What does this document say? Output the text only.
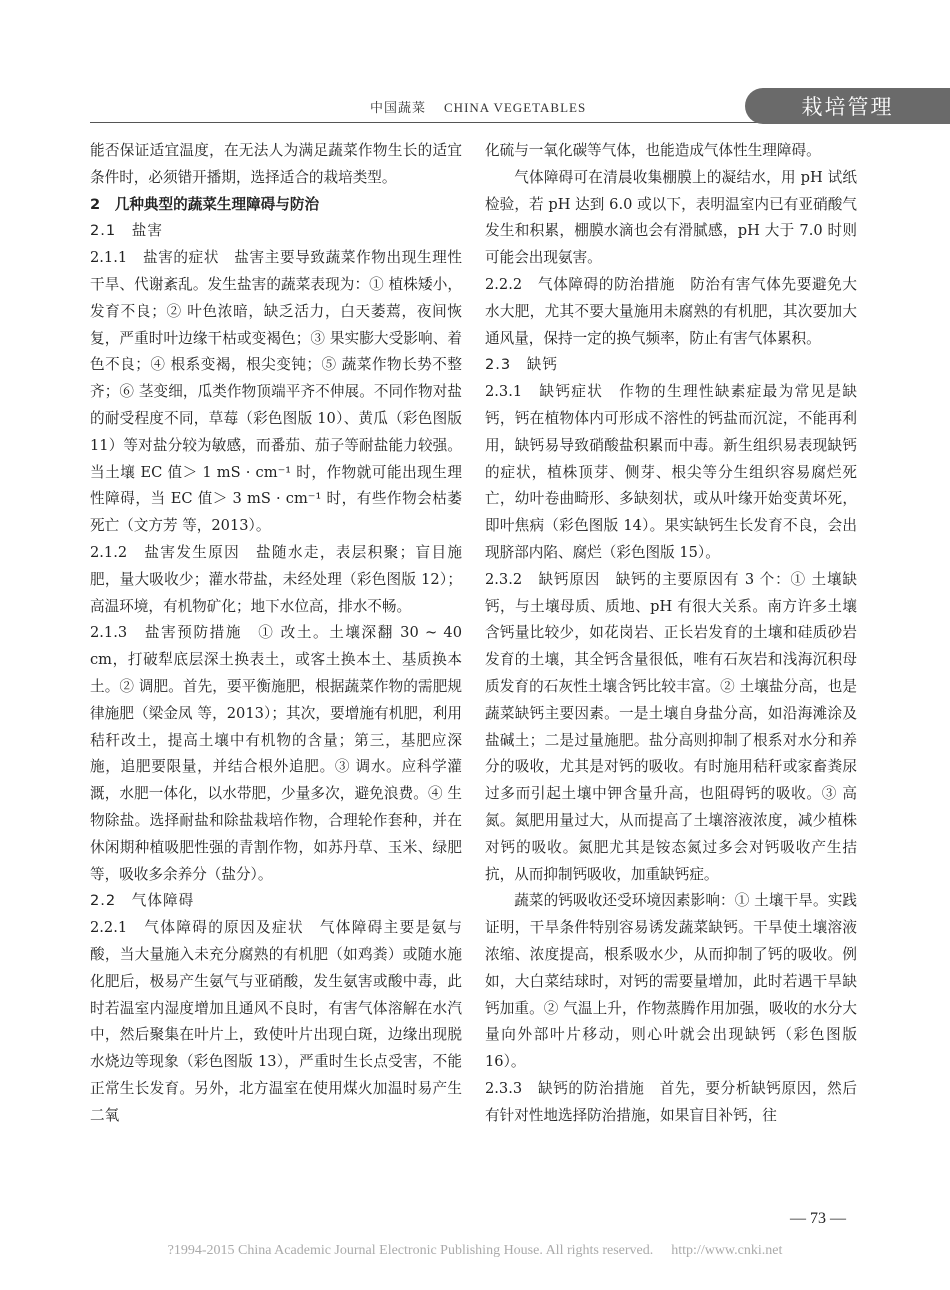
中国蔬菜 CHINA VEGETABLES	栽培管理

能否保证适宜温度，在无法人为满足蔬菜作物生长的适宜条件时，必须错开播期，选择适合的栽培类型。

2　几种典型的蔬菜生理障碍与防治

2.1　盐害

2.1.1　盐害的症状　盐害主要导致蔬菜作物出现生理性干旱、代谢紊乱。发生盐害的蔬菜表现为：① 植株矮小，发育不良；② 叶色浓暗，缺乏活力，白天萎蔫，夜间恢复，严重时叶边缘干枯或变褐色；③ 果实膨大受影响、着色不良；④ 根系变褐，根尖变钝；⑤ 蔬菜作物长势不整齐；⑥ 茎变细，瓜类作物顶端平齐不伸展。不同作物对盐的耐受程度不同，草莓（彩色图版 10）、黄瓜（彩色图版 11）等对盐分较为敏感，而番茄、茄子等耐盐能力较强。当土壤 EC 值＞ 1 mS · cm⁻¹ 时，作物就可能出现生理性障碍，当 EC 值＞ 3 mS · cm⁻¹ 时，有些作物会枯萎死亡（文方芳 等，2013）。

2.1.2　盐害发生原因　盐随水走，表层积聚；盲目施肥，量大吸收少；灌水带盐，未经处理（彩色图版 12）；高温环境，有机物矿化；地下水位高，排水不畅。

2.1.3　盐害预防措施　① 改土。土壤深翻 30 ~ 40 cm，打破犁底层深土换表土，或客土换本土、基质换本土。② 调肥。首先，要平衡施肥，根据蔬菜作物的需肥规律施肥（梁金凤 等，2013）；其次，要增施有机肥，利用秸秆改土，提高土壤中有机物的含量；第三，基肥应深施，追肥要限量，并结合根外追肥。③ 调水。应科学灌溉，水肥一体化，以水带肥，少量多次，避免浪费。④ 生物除盐。选择耐盐和除盐栽培作物，合理轮作套种，并在休闲期种植吸肥性强的青割作物，如苏丹草、玉米、绿肥等，吸收多余养分（盐分）。

2.2　气体障碍

2.2.1　气体障碍的原因及症状　气体障碍主要是氨与酸，当大量施入未充分腐熟的有机肥（如鸡粪）或随水施化肥后，极易产生氨气与亚硝酸，发生氨害或酸中毒，此时若温室内湿度增加且通风不良时，有害气体溶解在水汽中，然后聚集在叶片上，致使叶片出现白斑，边缘出现脱水烧边等现象（彩色图版 13），严重时生长点受害，不能正常生长发育。另外，北方温室在使用煤火加温时易产生二氧

化硫与一氧化碳等气体，也能造成气体性生理障碍。

气体障碍可在清晨收集棚膜上的凝结水，用 pH 试纸检验，若 pH 达到 6.0 或以下，表明温室内已有亚硝酸气发生和积累，棚膜水滴也会有滑腻感，pH 大于 7.0 时则可能会出现氨害。

2.2.2　气体障碍的防治措施　防治有害气体先要避免大水大肥，尤其不要大量施用未腐熟的有机肥，其次要加大通风量，保持一定的换气频率，防止有害气体累积。

2.3　缺钙

2.3.1　缺钙症状　作物的生理性缺素症最为常见是缺钙，钙在植物体内可形成不溶性的钙盐而沉淀，不能再利用，缺钙易导致硝酸盐积累而中毒。新生组织易表现缺钙的症状，植株顶芽、侧芽、根尖等分生组织容易腐烂死亡，幼叶卷曲畸形、多缺刻状，或从叶缘开始变黄坏死，即叶焦病（彩色图版 14）。果实缺钙生长发育不良，会出现脐部内陷、腐烂（彩色图版 15）。

2.3.2　缺钙原因　缺钙的主要原因有 3 个：① 土壤缺钙，与土壤母质、质地、pH 有很大关系。南方许多土壤含钙量比较少，如花岗岩、正长岩发育的土壤和硅质砂岩发育的土壤，其全钙含量很低，唯有石灰岩和浅海沉积母质发育的石灰性土壤含钙比较丰富。② 土壤盐分高，也是蔬菜缺钙主要因素。一是土壤自身盐分高，如沿海滩涂及盐碱土；二是过量施肥。盐分高则抑制了根系对水分和养分的吸收，尤其是对钙的吸收。有时施用秸秆或家畜粪尿过多而引起土壤中钾含量升高，也阻碍钙的吸收。③ 高氮。氮肥用量过大，从而提高了土壤溶液浓度，减少植株对钙的吸收。氮肥尤其是铵态氮过多会对钙吸收产生拮抗，从而抑制钙吸收，加重缺钙症。

蔬菜的钙吸收还受环境因素影响：① 土壤干旱。实践证明，干旱条件特别容易诱发蔬菜缺钙。干旱使土壤溶液浓缩、浓度提高，根系吸水少，从而抑制了钙的吸收。例如，大白菜结球时，对钙的需要量增加，此时若遇干旱缺钙加重。② 气温上升，作物蒸腾作用加强，吸收的水分大量向外部叶片移动，则心叶就会出现缺钙（彩色图版 16）。

2.3.3　缺钙的防治措施　首先，要分析缺钙原因，然后有针对性地选择防治措施，如果盲目补钙，往

— 73 —
?1994-2015 China Academic Journal Electronic Publishing House. All rights reserved. http://www.cnki.net
